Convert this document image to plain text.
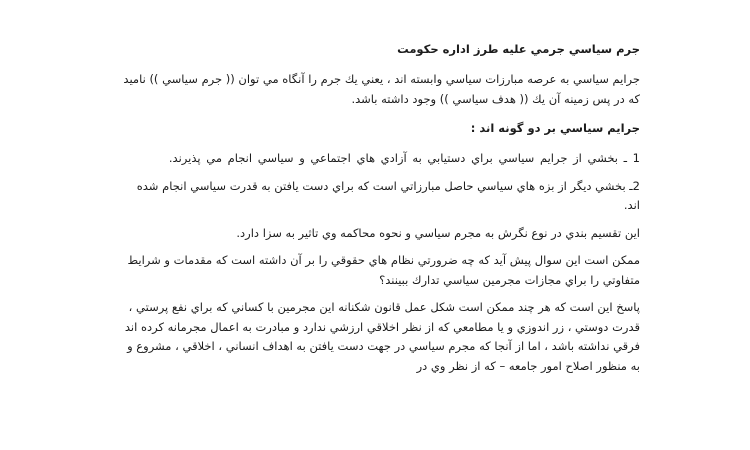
جرم سياسي جرمي عليه طرز اداره حكومت
جرايم سياسي به عرصه مبارزات سياسي وابسته اند ، يعني يك جرم را آنگاه مي توان (( جرم سياسي )) ناميد كه در پس زمينه آن يك (( هدف سياسي )) وجود داشته باشد.
جرايم سياسي بر دو گونه اند :
1 ـ بخشي از جرايم سياسي براي دستيابي به آزادي هاي اجتماعي و سياسي انجام مي پذيرند.
2ـ بخشي ديگر از بزه هاي سياسي حاصل مبارزاتي است كه براي دست يافتن به قدرت سياسي انجام شده اند.
اين تقسيم بندي در نوع نگرش به مجرم سياسي و نحوه محاكمه وي تاثير به سزا دارد.
ممكن است اين سوال پيش آيد كه چه ضرورتي نظام هاي حقوقي را بر آن داشته است كه مقدمات و شرايط متفاوتي را براي مجازات مجرمين سياسي تدارك ببينند؟
پاسخ اين است كه هر چند ممكن است شكل عمل قانون شكنانه اين مجرمين با كساني كه براي نفع پرستي ، قدرت دوستي ، زر اندوزي و يا مطامعي كه از نظر اخلاقي ارزشي ندارد و مبادرت به اعمال مجرمانه كرده اند فرقي نداشته باشد ، اما از آنجا كه مجرم سياسي در جهت دست يافتن به اهداف انساني ، اخلاقي ، مشروع و به منظور اصلاح امور جامعه – كه از نظر وي در
